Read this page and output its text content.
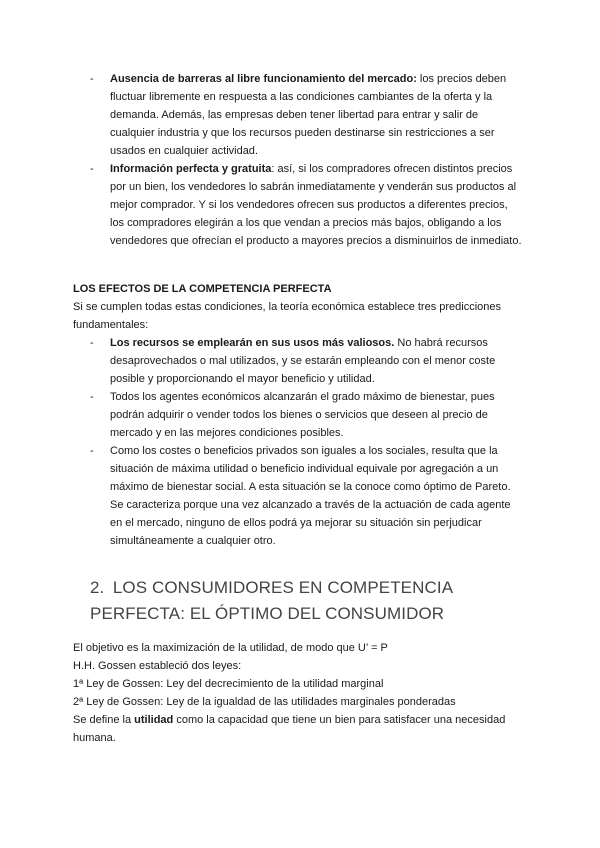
- Ausencia de barreras al libre funcionamiento del mercado: los precios deben fluctuar libremente en respuesta a las condiciones cambiantes de la oferta y la demanda. Además, las empresas deben tener libertad para entrar y salir de cualquier industria y que los recursos pueden destinarse sin restricciones a ser usados en cualquier actividad.
- Información perfecta y gratuita: así, si los compradores ofrecen distintos precios por un bien, los vendedores lo sabrán inmediatamente y venderán sus productos al mejor comprador. Y si los vendedores ofrecen sus productos a diferentes precios, los compradores elegirán a los que vendan a precios más bajos, obligando a los vendedores que ofrecían el producto a mayores precios a disminuirlos de inmediato.
LOS EFECTOS DE LA COMPETENCIA PERFECTA
Si se cumplen todas estas condiciones, la teoría económica establece tres predicciones fundamentales:
- Los recursos se emplearán en sus usos más valiosos. No habrá recursos desaprovechados o mal utilizados, y se estarán empleando con el menor coste posible y proporcionando el mayor beneficio y utilidad.
- Todos los agentes económicos alcanzarán el grado máximo de bienestar, pues podrán adquirir o vender todos los bienes o servicios que deseen al precio de mercado y en las mejores condiciones posibles.
- Como los costes o beneficios privados son iguales a los sociales, resulta que la situación de máxima utilidad o beneficio individual equivale por agregación a un máximo de bienestar social. A esta situación se la conoce como óptimo de Pareto. Se caracteriza porque una vez alcanzado a través de la actuación de cada agente en el mercado, ninguno de ellos podrá ya mejorar su situación sin perjudicar simultáneamente a cualquier otro.
2. LOS CONSUMIDORES EN COMPETENCIA PERFECTA: EL ÓPTIMO DEL CONSUMIDOR
El objetivo es la maximización de la utilidad, de modo que U’ = P
H.H. Gossen estableció dos leyes:
1ª Ley de Gossen: Ley del decrecimiento de la utilidad marginal
2ª Ley de Gossen: Ley de la igualdad de las utilidades marginales ponderadas
Se define la utilidad como la capacidad que tiene un bien para satisfacer una necesidad humana.
